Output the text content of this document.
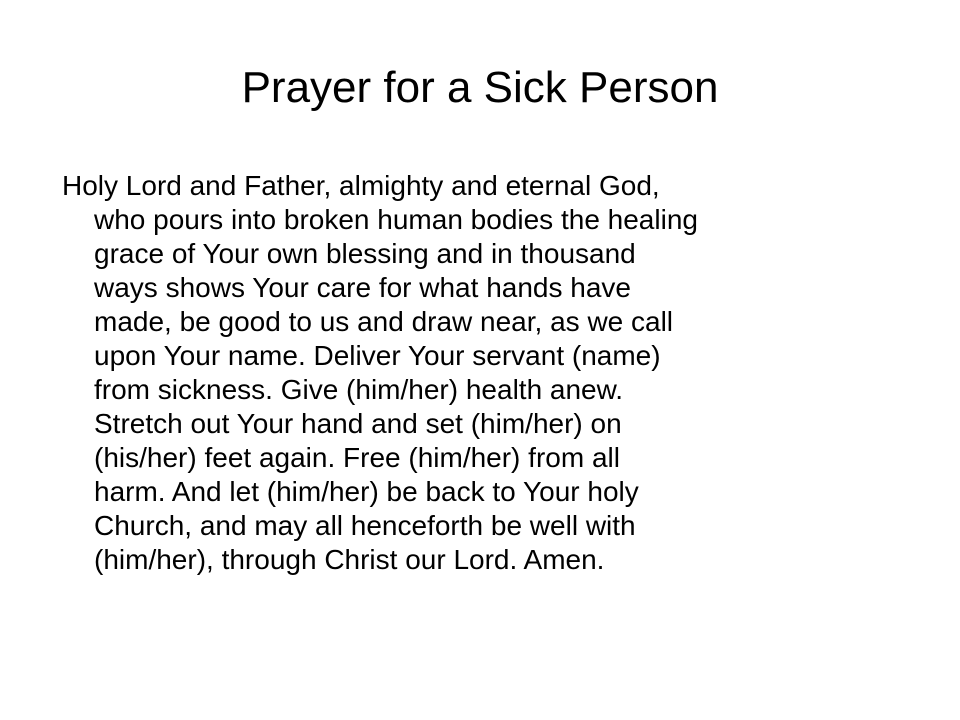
Prayer for a Sick Person
Holy Lord and Father, almighty and eternal God,
who pours into broken human bodies the healing
grace of Your own blessing and in thousand
ways shows Your care for what hands have
made, be good to us and draw near, as we call
upon Your name. Deliver Your servant (name)
from sickness. Give (him/her) health anew.
Stretch out Your hand and set (him/her) on
(his/her) feet again. Free (him/her) from all
harm. And let (him/her) be back to Your holy
Church, and may all henceforth be well with
(him/her), through Christ our Lord. Amen.
